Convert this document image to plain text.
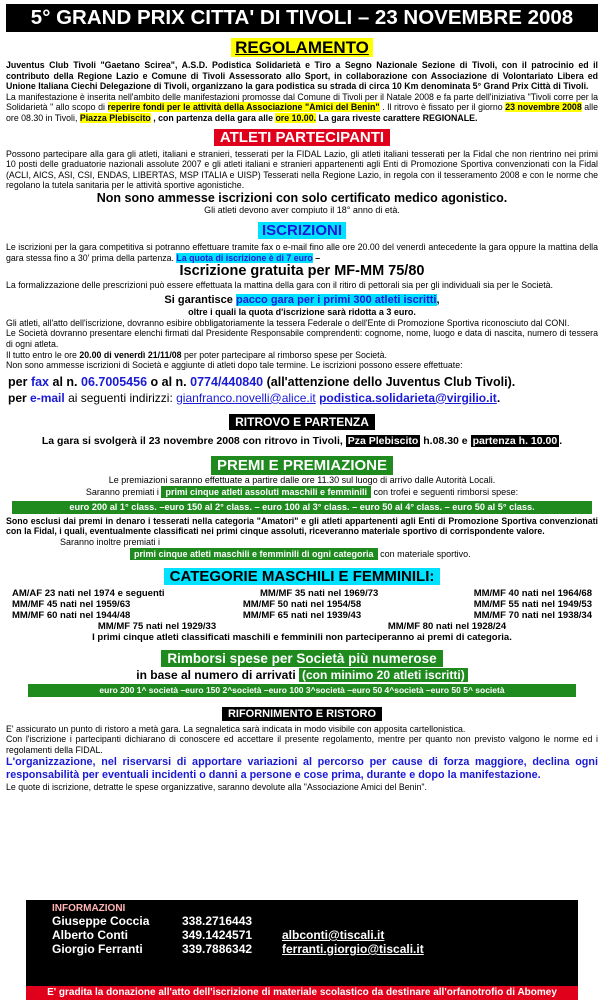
5° GRAND PRIX CITTA' DI TIVOLI – 23 NOVEMBRE 2008
REGOLAMENTO
Juventus Club Tivoli "Gaetano Scirea", A.S.D. Podistica Solidarietà e Tiro a Segno Nazionale Sezione di Tivoli, con il patrocinio ed il contributo della Regione Lazio e Comune di Tivoli Assessorato allo Sport, in collaborazione con Associazione di Volontariato Libera ed Unione Italiana Ciechi Delegazione di Tivoli, organizzano la gara podistica su strada di circa 10 Km denominata 5° Grand Prix Città di Tivoli.
La manifestazione è inserita nell'ambito delle manifestazioni promosse dal Comune di Tivoli per il Natale 2008 e fa parte dell'iniziativa "Tivoli corre per la Solidarietà " allo scopo di reperire fondi per le attività della Associazione "Amici del Benin" . Il ritrovo è fissato per il giorno 23 novembre 2008 alle ore 08.30 in Tivoli, Piazza Plebiscito , con partenza della gara alle ore 10.00. La gara riveste carattere REGIONALE.
ATLETI PARTECIPANTI
Possono partecipare alla gara gli atleti, italiani e stranieri, tesserati per la FIDAL Lazio, gli atleti italiani tesserati per la Fidal che non rientrino nei primi 10 posti delle graduatorie nazionali assolute 2007 e gli atleti italiani e stranieri appartenenti agli Enti di Promozione Sportiva convenzionati con la Fidal (ACLI, AICS, ASI, CSI, ENDAS, LIBERTAS, MSP ITALIA e UISP) Tesserati nella Regione Lazio, in regola con il tesseramento 2008 e con le norme che regolano la tutela sanitaria per le attività sportive agonistiche.
Non sono ammesse iscrizioni con solo certificato medico agonistico.
Gli atleti devono aver compiuto il 18° anno di età.
ISCRIZIONI
Le iscrizioni per la gara competitiva si potranno effettuare tramite fax o e-mail fino alle ore 20.00 del venerdì antecedente la gara oppure la mattina della gara stessa fino a 30' prima della partenza. La quota di iscrizione è di 7 euro –
Iscrizione gratuita per MF-MM 75/80
La formalizzazione delle prescrizioni può essere effettuata la mattina della gara con il ritiro di pettorali sia per gli individuali sia per le Società.
Si garantisce pacco gara per i primi 300 atleti iscritti,
oltre i quali la quota d'iscrizione sarà ridotta a 3 euro.
Gli atleti, all'atto dell'iscrizione, dovranno esibire obbligatoriamente la tessera Federale o dell'Ente di Promozione Sportiva riconosciuto dal CONI.
Le Società dovranno presentare elenchi firmati dal Presidente Responsabile comprendenti: cognome, nome, luogo e data di nascita, numero di tessera di ogni atleta.
Il tutto entro le ore 20.00 di venerdì 21/11/08 per poter partecipare al rimborso spese per Società.
Non sono ammesse iscrizioni di Società e aggiunte di atleti dopo tale termine. Le iscrizioni possono essere effettuate:
per fax al n. 06.7005456 o al n. 0774/440840 (all'attenzione dello Juventus Club Tivoli).
per e-mail ai seguenti indirizzi: gianfranco.novelli@alice.it podistica.solidarieta@virgilio.it.
RITROVO E PARTENZA
La gara si svolgerà il 23 novembre 2008 con ritrovo in Tivoli, Pza Plebiscito h.08.30 e partenza h. 10.00 .
PREMI E PREMIAZIONE
Le premiazioni saranno effettuate a partire dalle ore 11.30 sul luogo di arrivo dalle Autorità Locali.
Saranno premiati i primi cinque atleti assoluti maschili e femminili con trofei e seguenti rimborsi spese:
euro 200 al 1° class. –euro 150 al 2° class. – euro 100 al 3° class. – euro 50 al 4° class. – euro 50 al 5° class.
Sono esclusi dai premi in denaro i tesserati nella categoria "Amatori" e gli atleti appartenenti agli Enti di Promozione Sportiva convenzionati con la Fidal, i quali, eventualmente classificati nei primi cinque assoluti, riceveranno materiale sportivo di corrispondente valore.
Saranno inoltre premiati i
primi cinque atleti maschili e femminili di ogni categoria con materiale sportivo.
CATEGORIE MASCHILI E FEMMINILI:
AM/AF 23 nati nel 1974 e seguenti	MM/MF 35 nati nel 1969/73	MM/MF 40 nati nel 1964/68
MM/MF 45 nati nel 1959/63	MM/MF 50 nati nel 1954/58	MM/MF 55 nati nel 1949/53
MM/MF 60 nati nel 1944/48	MM/MF 65 nati nel 1939/43	MM/MF 70 nati nel 1938/34
MM/MF 75 nati nel 1929/33	MM/MF 80 nati nel 1928/24
I primi cinque atleti classificati maschili e femminili non parteciperanno ai premi di categoria.
Rimborsi spese per Società più numerose
in base al numero di arrivati (con minimo 20 atleti iscritti)
euro 200 1^ società –euro 150 2^società –euro 100 3^società –euro 50 4^società –euro 50 5^ società
RIFORNIMENTO E RISTORO
E' assicurato un punto di ristoro a metà gara. La segnaletica sarà indicata in modo visibile con apposita cartellonistica.
Con l'iscrizione i partecipanti dichiarano di conoscere ed accettare il presente regolamento, mentre per quanto non previsto valgono le norme ed i regolamenti della FIDAL.
L'organizzazione, nel riservarsi di apportare variazioni al percorso per cause di forza maggiore, declina ogni responsabilità per eventuali incidenti o danni a persone e cose prima, durante e dopo la manifestazione.
Le quote di iscrizione, detratte le spese organizzative, saranno devolute alla "Associazione Amici del Benin".
INFORMAZIONI
Giuseppe Coccia	338.2716443
Alberto Conti	349.1424571	albconti@tiscali.it
Giorgio Ferranti	339.7886342	ferranti.giorgio@tiscali.it
E' gradita la donazione all'atto dell'iscrizione di materiale scolastico da destinare all'orfanotrofio di Abomey
